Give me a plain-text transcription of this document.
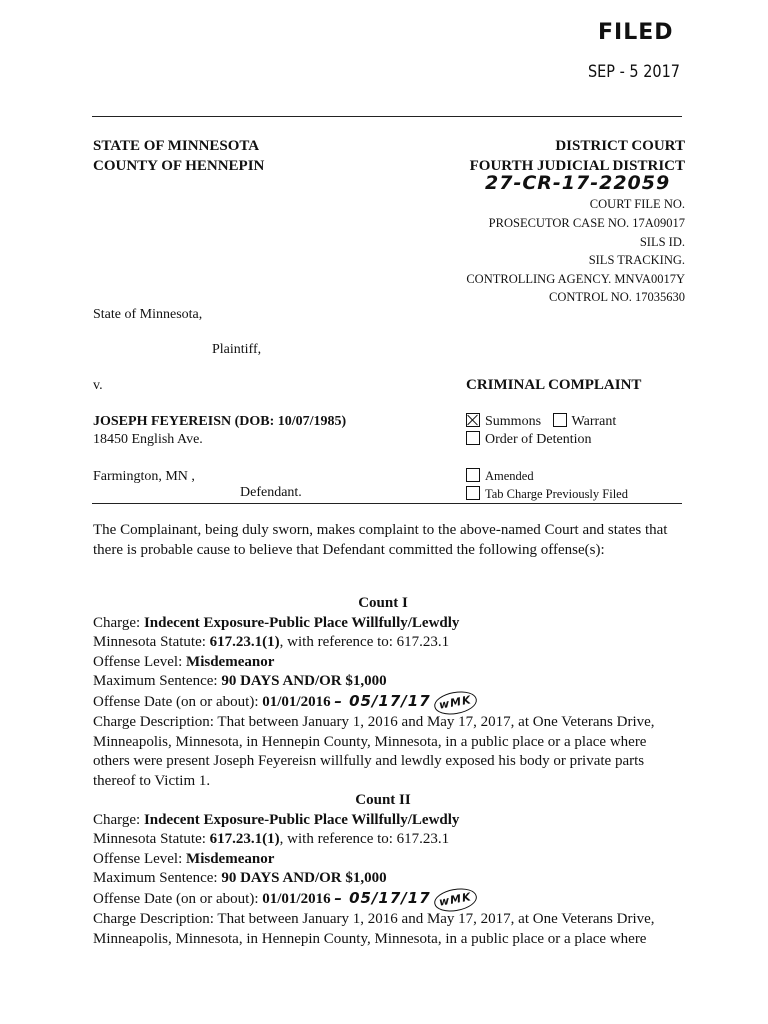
FILED
SEP - 5 2017
STATE OF MINNESOTA
COUNTY OF HENNEPIN
DISTRICT COURT
FOURTH JUDICIAL DISTRICT
27-CR-17-22059
COURT FILE NO.
PROSECUTOR CASE NO. 17A09017
SILS ID.
SILS TRACKING.
CONTROLLING AGENCY. MNVA0017Y
CONTROL NO. 17035630
State of Minnesota,
Plaintiff,
v.	CRIMINAL COMPLAINT
JOSEPH FEYEREISN (DOB: 10/07/1985)
18450 English Ave.
Farmington, MN ,
Defendant.
Summons Warrant
Order of Detention
Amended
Tab Charge Previously Filed

The Complainant, being duly sworn, makes complaint to the above-named Court and states that there is probable cause to believe that Defendant committed the following offense(s):

Count I

Charge: Indecent Exposure-Public Place Willfully/Lewdly

Minnesota Statute: 617.23.1(1), with reference to: 617.23.1

Offense Level: Misdemeanor

Maximum Sentence: 90 DAYS AND/OR $1,000

Offense Date (on or about): 01/01/2016 – 05/17/17 wMK

Charge Description: That between January 1, 2016 and May 17, 2017, at One Veterans Drive, Minneapolis, Minnesota, in Hennepin County, Minnesota, in a public place or a place where others were present Joseph Feyereisn willfully and lewdly exposed his body or private parts thereof to Victim 1.

Count II

Charge: Indecent Exposure-Public Place Willfully/Lewdly

Minnesota Statute: 617.23.1(1), with reference to: 617.23.1

Offense Level: Misdemeanor

Maximum Sentence: 90 DAYS AND/OR $1,000

Offense Date (on or about): 01/01/2016 – 05/17/17 wMK

Charge Description: That between January 1, 2016 and May 17, 2017, at One Veterans Drive, Minneapolis, Minnesota, in Hennepin County, Minnesota, in a public place or a place where
